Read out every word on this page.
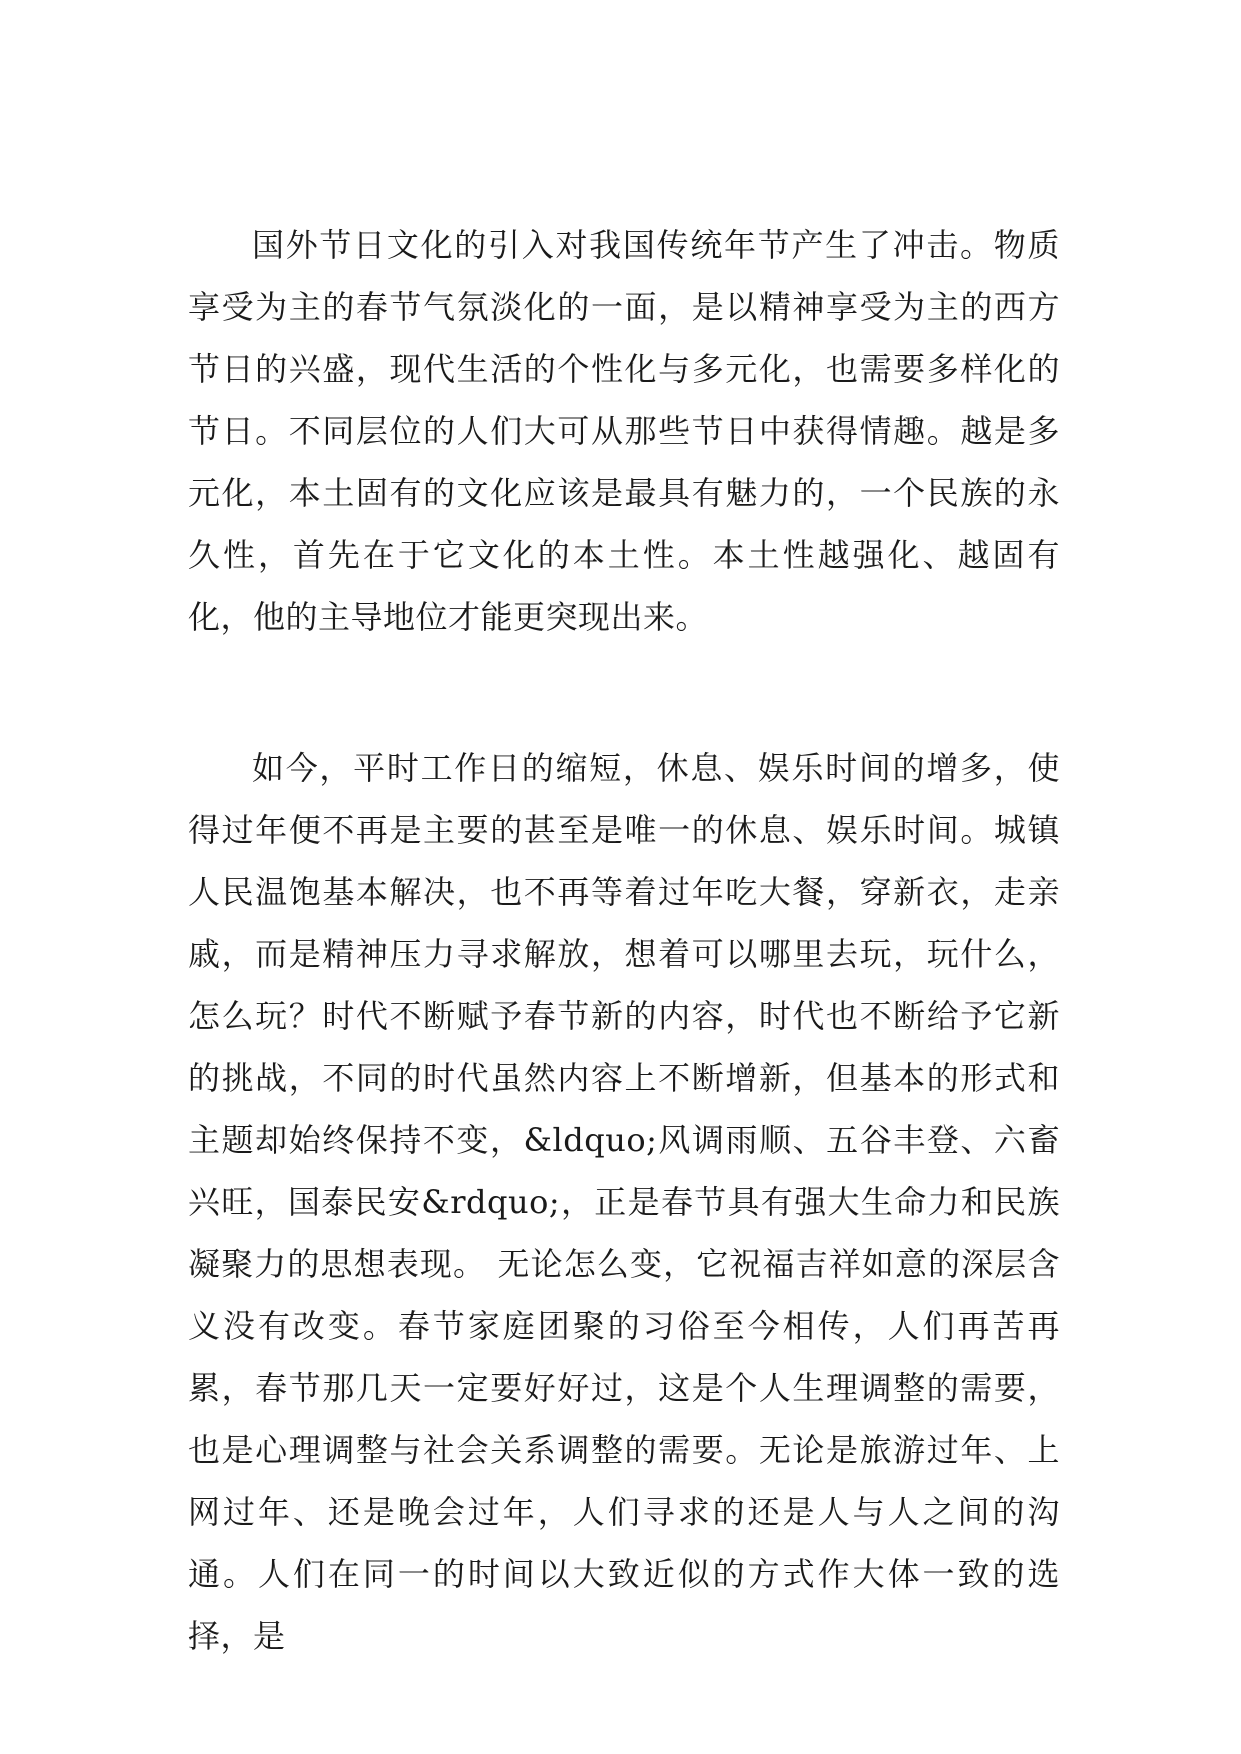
国外节日文化的引入对我国传统年节产生了冲击。物质享受为主的春节气氛淡化的一面，是以精神享受为主的西方节日的兴盛，现代生活的个性化与多元化，也需要多样化的节日。不同层位的人们大可从那些节日中获得情趣。越是多元化，本土固有的文化应该是最具有魅力的，一个民族的永久性，首先在于它文化的本土性。本土性越强化、越固有化，他的主导地位才能更突现出来。

如今，平时工作日的缩短，休息、娱乐时间的增多，使得过年便不再是主要的甚至是唯一的休息、娱乐时间。城镇人民温饱基本解决，也不再等着过年吃大餐，穿新衣，走亲戚，而是精神压力寻求解放，想着可以哪里去玩，玩什么，怎么玩？时代不断赋予春节新的内容，时代也不断给予它新的挑战，不同的时代虽然内容上不断增新，但基本的形式和主题却始终保持不变，&ldquo;风调雨顺、五谷丰登、六畜兴旺，国泰民安&rdquo;，正是春节具有强大生命力和民族凝聚力的思想表现。 无论怎么变，它祝福吉祥如意的深层含义没有改变。春节家庭团聚的习俗至今相传，人们再苦再累，春节那几天一定要好好过，这是个人生理调整的需要，也是心理调整与社会关系调整的需要。无论是旅游过年、上网过年、还是晚会过年，人们寻求的还是人与人之间的沟通。人们在同一的时间以大致近似的方式作大体一致的选择，是
